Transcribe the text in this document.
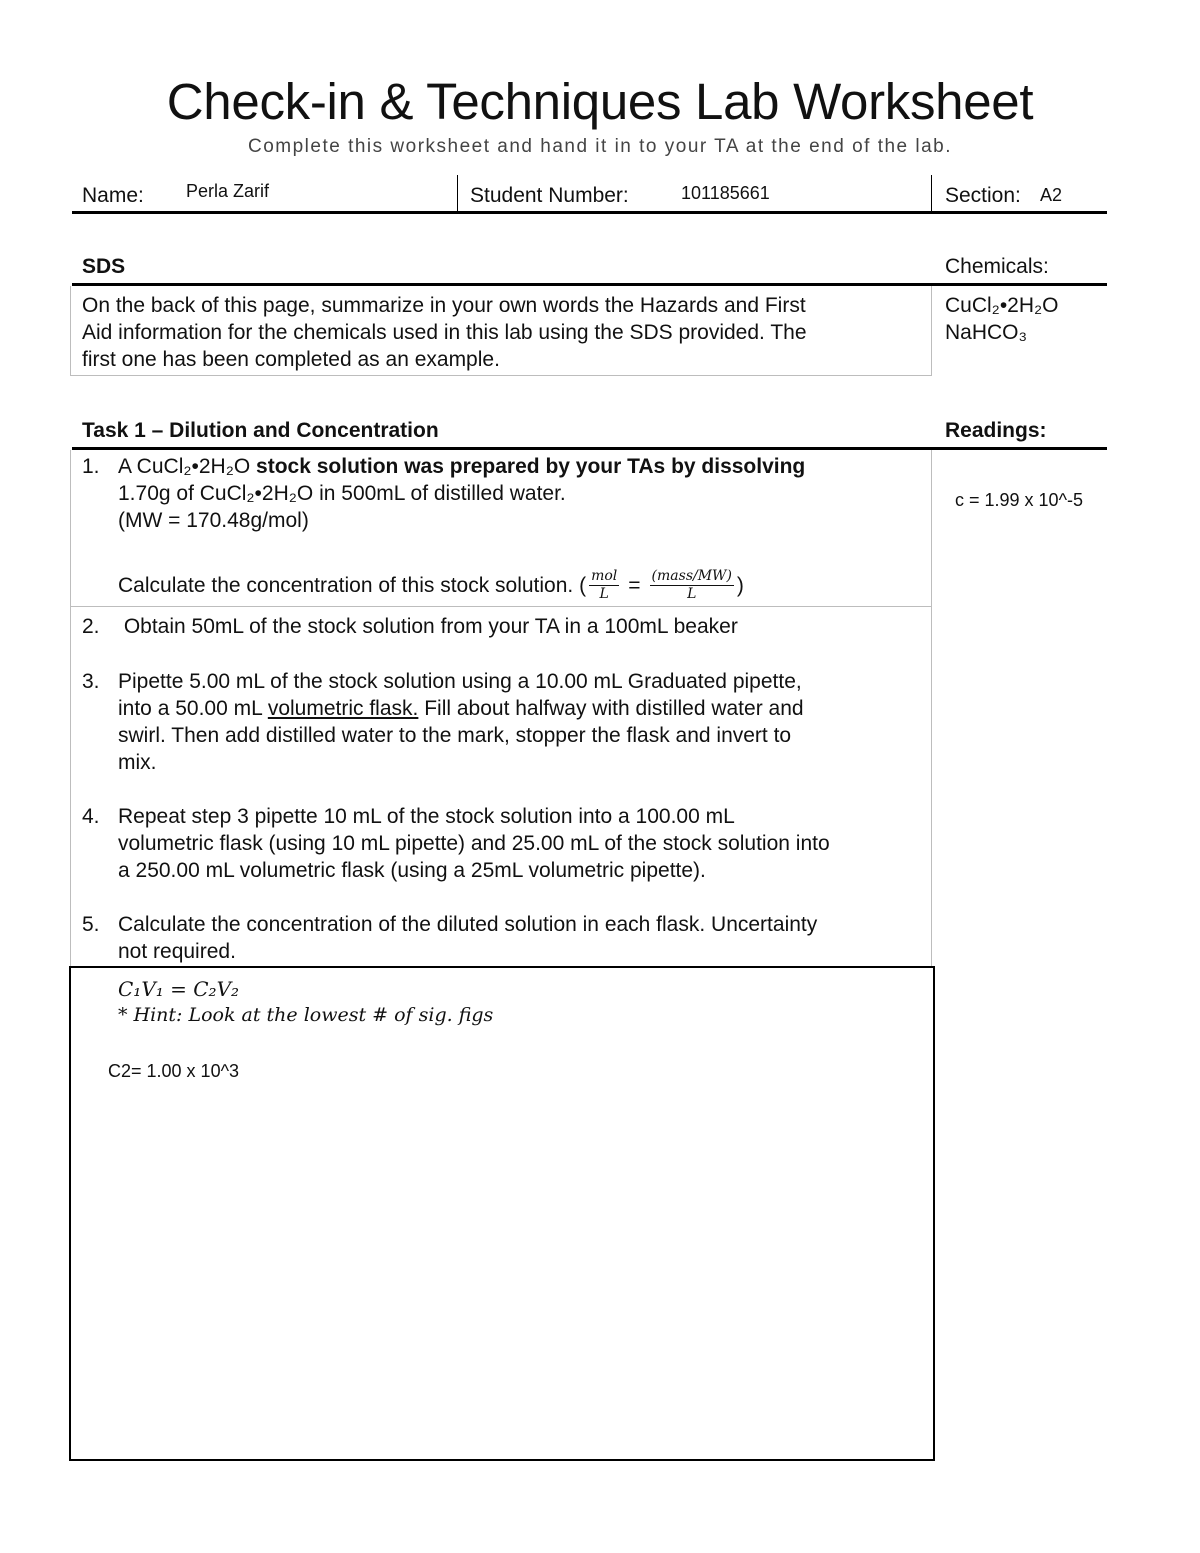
Check-in & Techniques Lab Worksheet
Complete this worksheet and hand it in to your TA at the end of the lab.
Name: Perla Zarif	Student Number:	101185661	Section: A2
SDS	Chemicals:
On the back of this page, summarize in your own words the Hazards and First
Aid information for the chemicals used in this lab using the SDS provided. The
first one has been completed as an example.
CuCl₂•2H₂O
NaHCO₃
Task 1 – Dilution and Concentration	Readings:
c = 1.99 x 10^-5
1. A CuCl₂•2H₂O stock solution was prepared by your TAs by dissolving
1.70g of CuCl₂•2H₂O in 500mL of distilled water.
(MW = 170.48g/mol)
Calculate the concentration of this stock solution. ( mol
L = (mass/MW)
L )
2. Obtain 50mL of the stock solution from your TA in a 100mL beaker
3. Pipette 5.00 mL of the stock solution using a 10.00 mL Graduated pipette,
into a 50.00 mL volumetric flask. Fill about halfway with distilled water and
swirl. Then add distilled water to the mark, stopper the flask and invert to
mix.
4. Repeat step 3 pipette 10 mL of the stock solution into a 100.00 mL
volumetric flask (using 10 mL pipette) and 25.00 mL of the stock solution into
a 250.00 mL volumetric flask (using a 25mL volumetric pipette).
5. Calculate the concentration of the diluted solution in each flask. Uncertainty
not required.
C₁V₁ = C₂V₂
* Hint: Look at the lowest # of sig. figs
C2= 1.00 x 10^3
